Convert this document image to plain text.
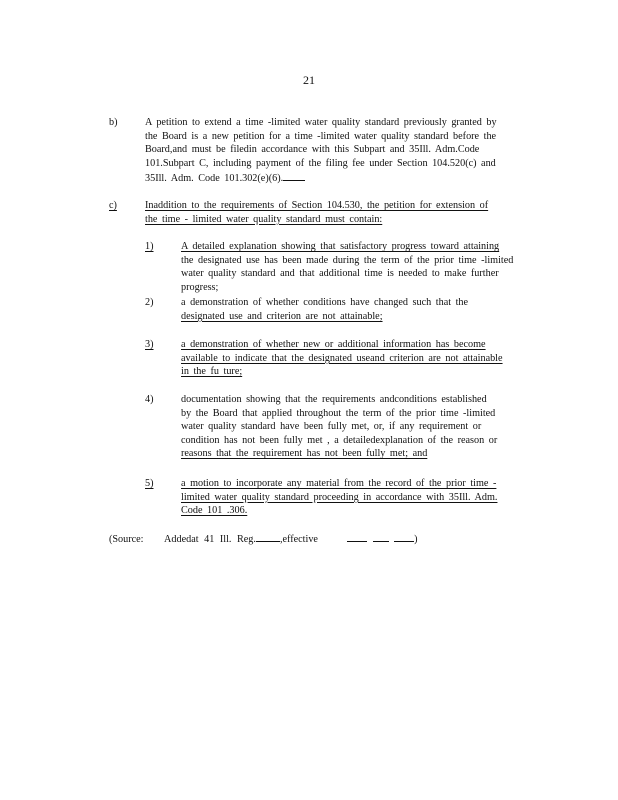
21
b)	A petition to extend a time -limited water quality standard previously granted by
the Board is a new petition for a time -limited water quality standard before the
Board,and must be filedin accordance with this Subpart and 35Ill. Adm.Code
101.Subpart C, including payment of the filing fee under Section 104.520(c) and
35Ill. Adm. Code 101.302(e)(6).
c)	Inaddition to the requirements of Section 104.530, the petition for extension of
the time - limited water quality standard must contain:
1)	A detailed explanation showing that satisfactory progress toward attaining
the designated use has been made during the term of the prior time -limited
water quality standard and that additional time is needed to make further
progress;
2)	a demonstration of whether conditions have changed such that the
designated use and criterion are not attainable;
3)	a demonstration of whether new or additional information has become
available to indicate that the designated useand criterion are not attainable
in the fu ture;
4)	documentation showing that the requirements andconditions established
by the Board that applied throughout the term of the prior time -limited
water quality standard have been fully met, or, if any requirement or
condition has not been fully met , a detailedexplanation of the reason or
reasons that the requirement has not been fully met; and
5)	a motion to incorporate any material from the record of the prior time -
limited water quality standard proceeding in accordance with 35Ill. Adm.
Code 101 .306.
(Source: Addedat 41 Ill. Reg. ,effective	)
